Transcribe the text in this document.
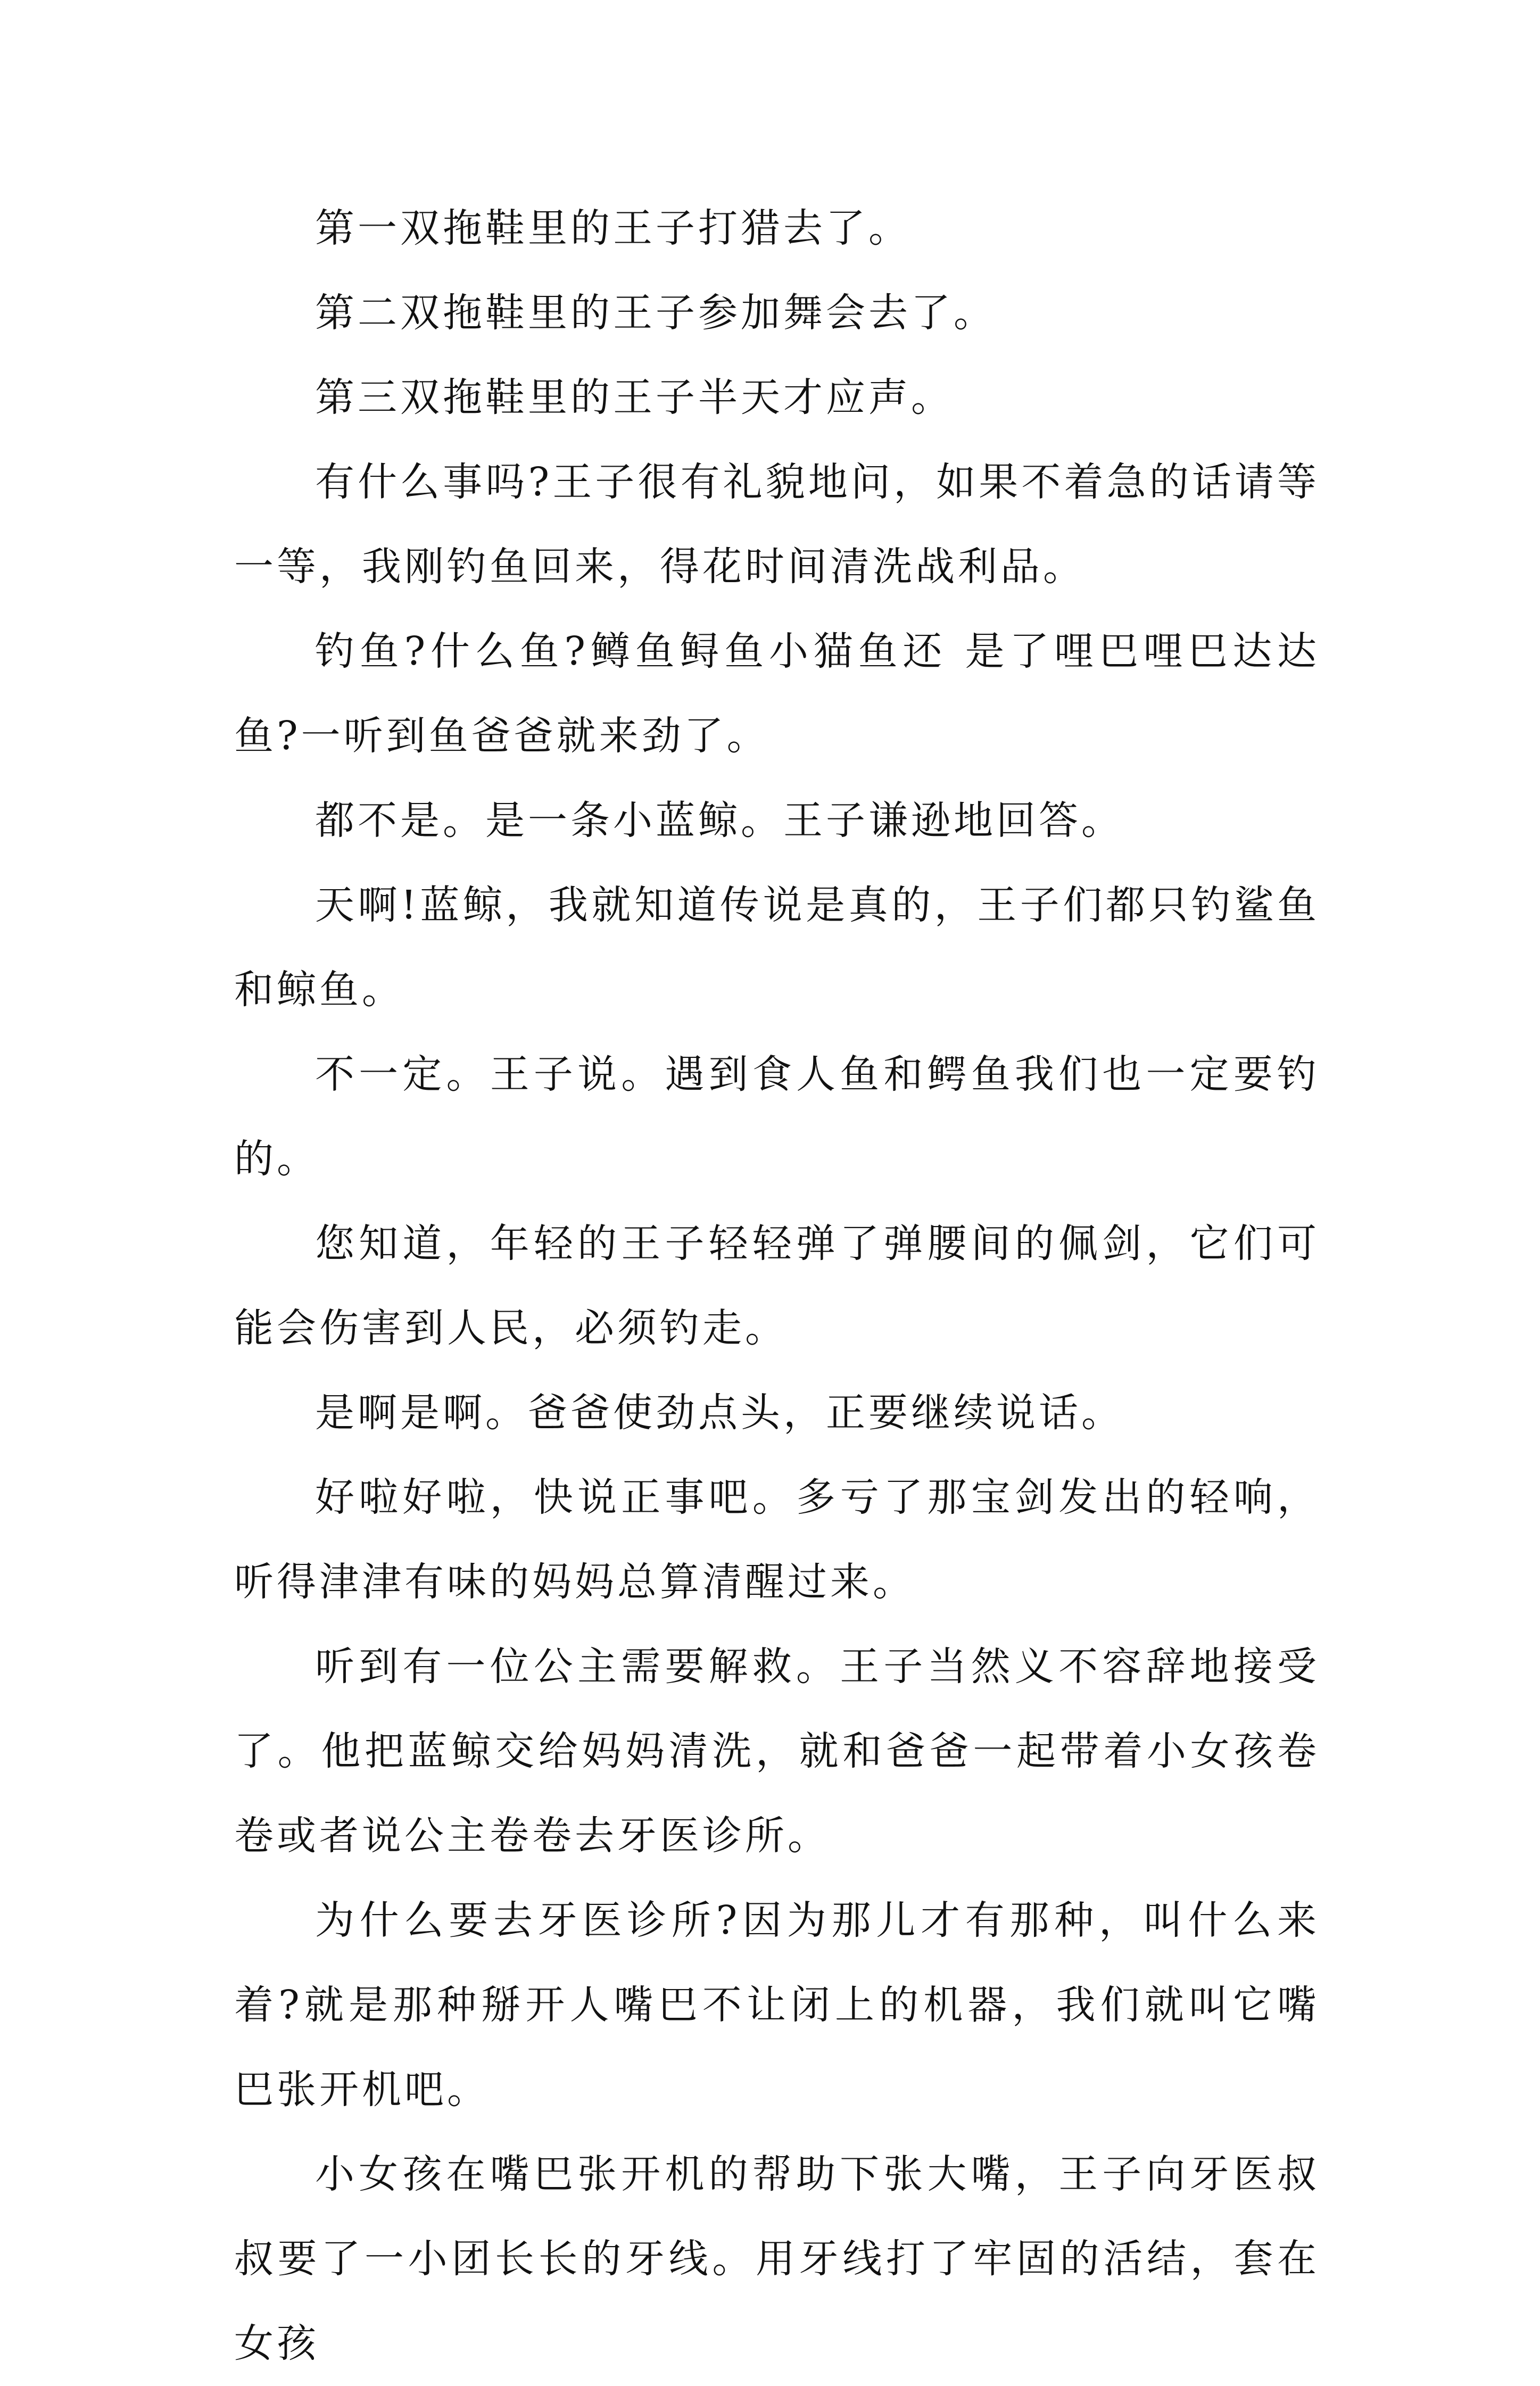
第一双拖鞋里的王子打猎去了。

第二双拖鞋里的王子参加舞会去了。

第三双拖鞋里的王子半天才应声。

有什么事吗?王子很有礼貌地问，如果不着急的话请等一等，我刚钓鱼回来，得花时间清洗战利品。

钓鱼?什么鱼?鳟鱼鲟鱼小猫鱼还 是了哩巴哩巴达达鱼?一听到鱼爸爸就来劲了。

都不是。是一条小蓝鲸。王子谦逊地回答。

天啊!蓝鲸，我就知道传说是真的，王子们都只钓鲨鱼和鲸鱼。

不一定。王子说。遇到食人鱼和鳄鱼我们也一定要钓的。

您知道，年轻的王子轻轻弹了弹腰间的佩剑，它们可能会伤害到人民，必须钓走。

是啊是啊。爸爸使劲点头，正要继续说话。

好啦好啦，快说正事吧。多亏了那宝剑发出的轻响，听得津津有味的妈妈总算清醒过来。

听到有一位公主需要解救。王子当然义不容辞地接受了。他把蓝鲸交给妈妈清洗，就和爸爸一起带着小女孩卷卷或者说公主卷卷去牙医诊所。

为什么要去牙医诊所?因为那儿才有那种，叫什么来着?就是那种掰开人嘴巴不让闭上的机器，我们就叫它嘴巴张开机吧。

小女孩在嘴巴张开机的帮助下张大嘴，王子向牙医叔叔要了一小团长长的牙线。用牙线打了牢固的活结，套在女孩
